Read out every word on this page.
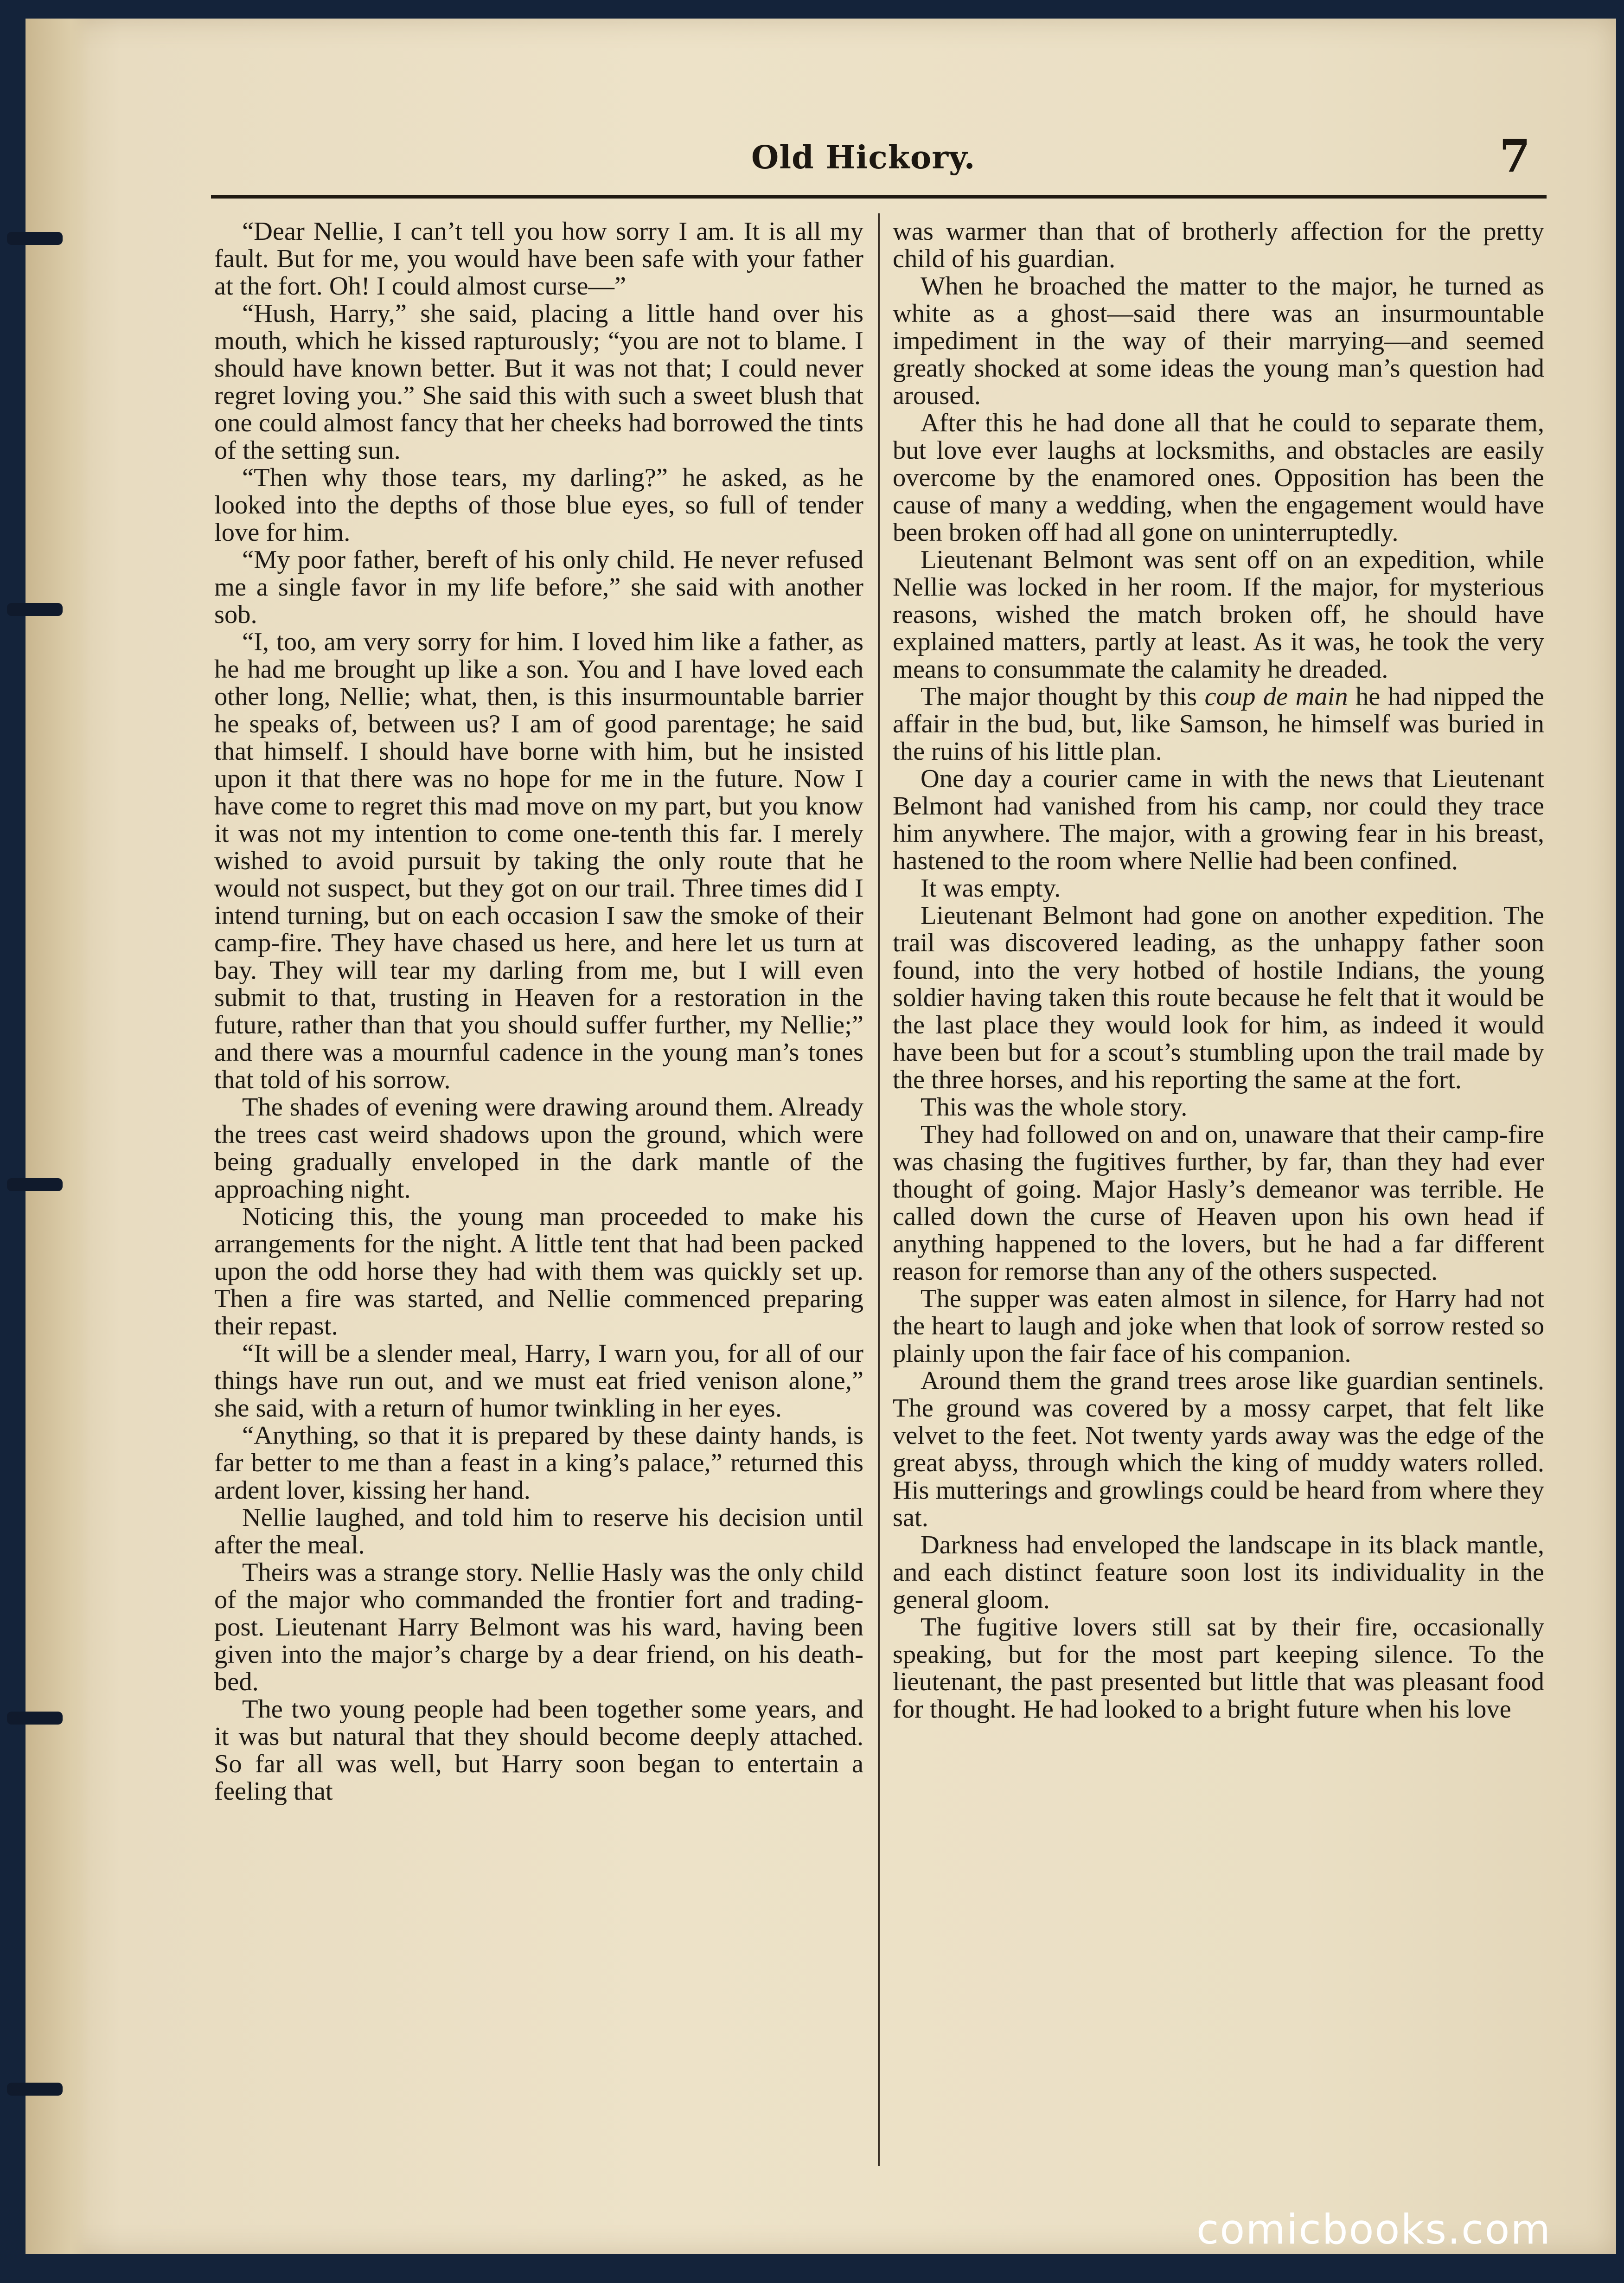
Old Hickory.	7

“Dear Nellie, I can’t tell you how sorry I am. It is all my fault. But for me, you would have been safe with your father at the fort. Oh! I could almost curse—”

“Hush, Harry,” she said, placing a little hand over his mouth, which he kissed rapturously; “you are not to blame. I should have known better. But it was not that; I could never regret loving you.” She said this with such a sweet blush that one could almost fancy that her cheeks had borrowed the tints of the setting sun.

“Then why those tears, my darling?” he asked, as he looked into the depths of those blue eyes, so full of tender love for him.

“My poor father, bereft of his only child. He never refused me a single favor in my life before,” she said with another sob.

“I, too, am very sorry for him. I loved him like a father, as he had me brought up like a son. You and I have loved each other long, Nellie; what, then, is this insurmountable barrier he speaks of, between us? I am of good parentage; he said that himself. I should have borne with him, but he insisted upon it that there was no hope for me in the future. Now I have come to regret this mad move on my part, but you know it was not my intention to come one-tenth this far. I merely wished to avoid pursuit by taking the only route that he would not suspect, but they got on our trail. Three times did I intend turning, but on each occasion I saw the smoke of their camp-fire. They have chased us here, and here let us turn at bay. They will tear my darling from me, but I will even submit to that, trusting in Heaven for a restoration in the future, rather than that you should suffer further, my Nellie;” and there was a mournful cadence in the young man’s tones that told of his sorrow.

The shades of evening were drawing around them. Already the trees cast weird shadows upon the ground, which were being gradually enveloped in the dark mantle of the approaching night.

Noticing this, the young man proceeded to make his arrangements for the night. A little tent that had been packed upon the odd horse they had with them was quickly set up. Then a fire was started, and Nellie commenced preparing their repast.

“It will be a slender meal, Harry, I warn you, for all of our things have run out, and we must eat fried venison alone,” she said, with a return of humor twinkling in her eyes.

“Anything, so that it is prepared by these dainty hands, is far better to me than a feast in a king’s palace,” returned this ardent lover, kissing her hand.

Nellie laughed, and told him to reserve his decision until after the meal.

Theirs was a strange story. Nellie Hasly was the only child of the major who commanded the frontier fort and trading-post. Lieutenant Harry Belmont was his ward, having been given into the major’s charge by a dear friend, on his death-bed.

The two young people had been together some years, and it was but natural that they should become deeply attached. So far all was well, but Harry soon began to entertain a feeling that

was warmer than that of brotherly affection for the pretty child of his guardian.

When he broached the matter to the major, he turned as white as a ghost—said there was an insurmountable impediment in the way of their marrying—and seemed greatly shocked at some ideas the young man’s question had aroused.

After this he had done all that he could to separate them, but love ever laughs at locksmiths, and obstacles are easily overcome by the enamored ones. Opposition has been the cause of many a wedding, when the engagement would have been broken off had all gone on uninterruptedly.

Lieutenant Belmont was sent off on an expedition, while Nellie was locked in her room. If the major, for mysterious reasons, wished the match broken off, he should have explained matters, partly at least. As it was, he took the very means to consummate the calamity he dreaded.

The major thought by this coup de main he had nipped the affair in the bud, but, like Samson, he himself was buried in the ruins of his little plan.

One day a courier came in with the news that Lieutenant Belmont had vanished from his camp, nor could they trace him anywhere. The major, with a growing fear in his breast, hastened to the room where Nellie had been confined.

It was empty.

Lieutenant Belmont had gone on another expedition. The trail was discovered leading, as the unhappy father soon found, into the very hotbed of hostile Indians, the young soldier having taken this route because he felt that it would be the last place they would look for him, as indeed it would have been but for a scout’s stumbling upon the trail made by the three horses, and his reporting the same at the fort.

This was the whole story.

They had followed on and on, unaware that their camp-fire was chasing the fugitives further, by far, than they had ever thought of going. Major Hasly’s demeanor was terrible. He called down the curse of Heaven upon his own head if anything happened to the lovers, but he had a far different reason for remorse than any of the others suspected.

The supper was eaten almost in silence, for Harry had not the heart to laugh and joke when that look of sorrow rested so plainly upon the fair face of his companion.

Around them the grand trees arose like guardian sentinels. The ground was covered by a mossy carpet, that felt like velvet to the feet. Not twenty yards away was the edge of the great abyss, through which the king of muddy waters rolled. His mutterings and growlings could be heard from where they sat.

Darkness had enveloped the landscape in its black mantle, and each distinct feature soon lost its individuality in the general gloom.

The fugitive lovers still sat by their fire, occasionally speaking, but for the most part keeping silence. To the lieutenant, the past presented but little that was pleasant food for thought. He had looked to a bright future when his love

comicbooks.com
